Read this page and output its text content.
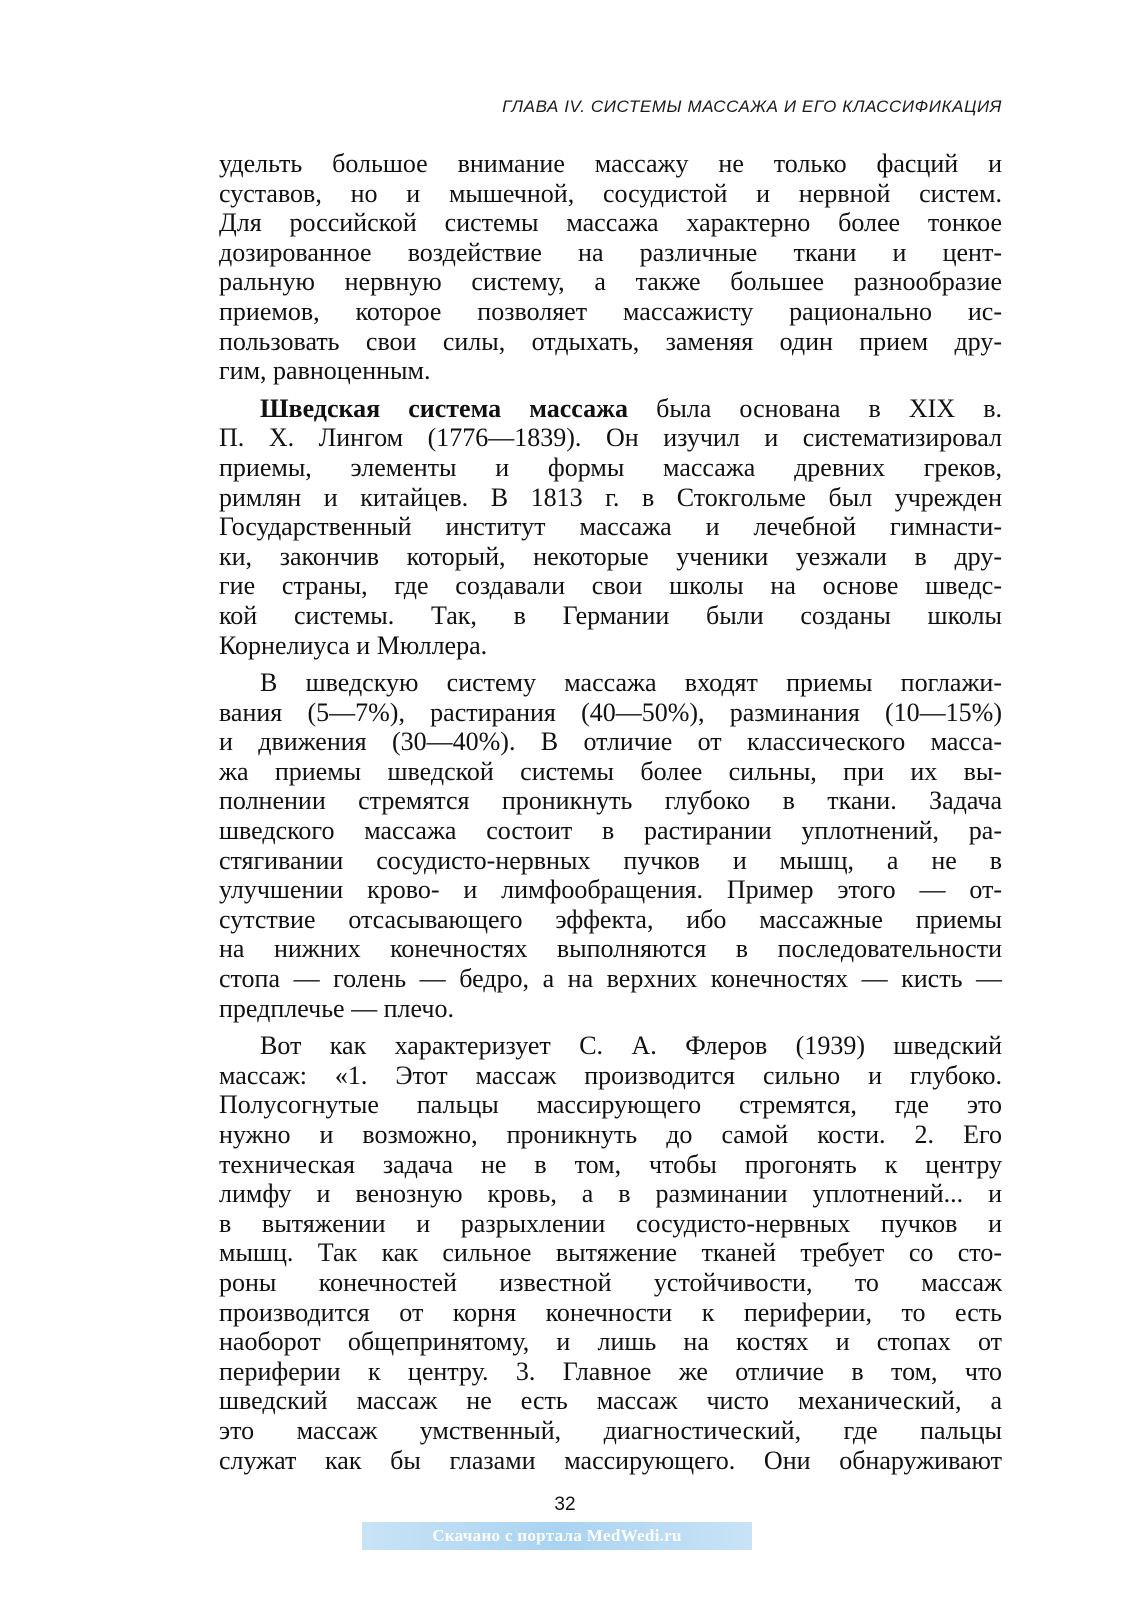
ГЛАВА IV. СИСТЕМЫ МАССАЖА И ЕГО КЛАССИФИКАЦИЯ
удельть большое внимание массажу не только фасций и
суставов, но и мышечной, сосудистой и нервной систем.
Для российской системы массажа характерно более тонкое
дозированное воздействие на различные ткани и цент-
ральную нервную систему, а также большее разнообразие
приемов, которое позволяет массажисту рационально ис-
пользовать свои силы, отдыхать, заменяя один прием дру-
гим, равноценным.
Шведская система массажа была основана в XIX в.
П. Х. Лингом (1776—1839). Он изучил и систематизировал
приемы, элементы и формы массажа древних греков,
римлян и китайцев. В 1813 г. в Стокгольме был учрежден
Государственный институт массажа и лечебной гимнасти-
ки, закончив который, некоторые ученики уезжали в дру-
гие страны, где создавали свои школы на основе шведс-
кой системы. Так, в Германии были созданы школы
Корнелиуса и Мюллера.
В шведскую систему массажа входят приемы поглажи-
вания (5—7%), растирания (40—50%), разминания (10—15%)
и движения (30—40%). В отличие от классического масса-
жа приемы шведской системы более сильны, при их вы-
полнении стремятся проникнуть глубоко в ткани. Задача
шведского массажа состоит в растирании уплотнений, ра-
стягивании сосудисто-нервных пучков и мышц, а не в
улучшении крово- и лимфообращения. Пример этого — от-
сутствие отсасывающего эффекта, ибо массажные приемы
на нижних конечностях выполняются в последовательности
стопа — голень — бедро, а на верхних конечностях — кисть —
предплечье — плечо.
Вот как характеризует С. А. Флеров (1939) шведский
массаж: «1. Этот массаж производится сильно и глубоко.
Полусогнутые пальцы массирующего стремятся, где это
нужно и возможно, проникнуть до самой кости. 2. Его
техническая задача не в том, чтобы прогонять к центру
лимфу и венозную кровь, а в разминании уплотнений... и
в вытяжении и разрыхлении сосудисто-нервных пучков и
мышц. Так как сильное вытяжение тканей требует со сто-
роны конечностей известной устойчивости, то массаж
производится от корня конечности к периферии, то есть
наоборот общепринятому, и лишь на костях и стопах от
периферии к центру. 3. Главное же отличие в том, что
шведский массаж не есть массаж чисто механический, а
это массаж умственный, диагностический, где пальцы
служат как бы глазами массирующего. Они обнаруживают
32
Скачано с портала MedWedi.ru
